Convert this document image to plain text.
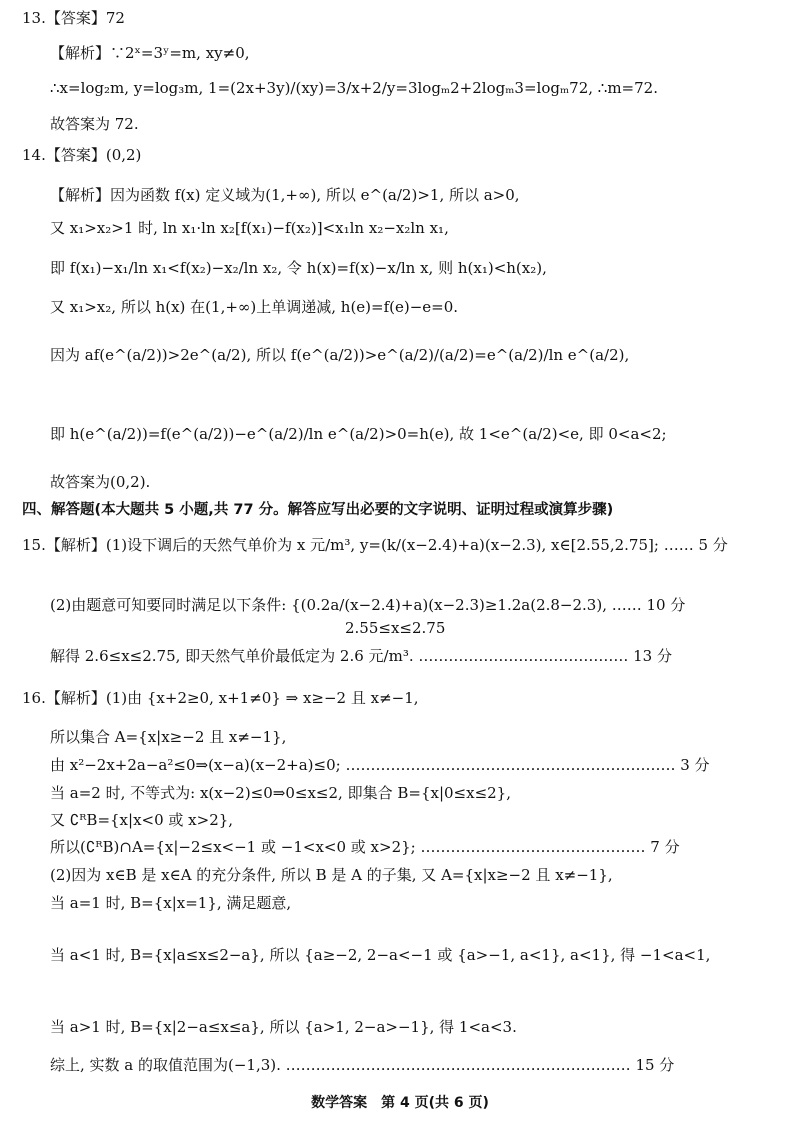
13.【答案】72
【解析】∵2ˣ=3ʸ=m, xy≠0,
∴x=log₂m, y=log₃m, 1=(2x+3y)/(xy)=3/x+2/y=3logₘ2+2logₘ3=logₘ72, ∴m=72.
故答案为 72.
14.【答案】(0,2)
【解析】因为函数 f(x) 定义域为(1,+∞), 所以 e^(a/2)>1, 所以 a>0,
又 x₁>x₂>1 时, ln x₁·ln x₂[f(x₁)−f(x₂)]<x₁ln x₂−x₂ln x₁,
即 f(x₁)−x₁/ln x₁<f(x₂)−x₂/ln x₂, 令 h(x)=f(x)−x/ln x, 则 h(x₁)<h(x₂),
又 x₁>x₂, 所以 h(x) 在(1,+∞)上单调递减, h(e)=f(e)−e=0.
因为 af(e^(a/2))>2e^(a/2), 所以 f(e^(a/2))>e^(a/2)/(a/2)=e^(a/2)/ln e^(a/2),
即 h(e^(a/2))=f(e^(a/2))−e^(a/2)/ln e^(a/2)>0=h(e), 故 1<e^(a/2)<e, 即 0<a<2;
故答案为(0,2).
四、解答题(本大题共 5 小题,共 77 分。解答应写出必要的文字说明、证明过程或演算步骤)
15.【解析】(1)设下调后的天然气单价为 x 元/m³, y=(k/(x−2.4)+a)(x−2.3), x∈[2.55,2.75]; …… 5 分
(2)由题意可知要同时满足以下条件: {(0.2a/(x−2.4)+a)(x−2.3)≥1.2a(2.8−2.3), …… 10 分
2.55≤x≤2.75
解得 2.6≤x≤2.75, 即天然气单价最低定为 2.6 元/m³. …………………………………… 13 分
16.【解析】(1)由 {x+2≥0, x+1≠0} ⇒ x≥−2 且 x≠−1,
所以集合 A={x|x≥−2 且 x≠−1},
由 x²−2x+2a−a²≤0⇒(x−a)(x−2+a)≤0; ………………………………………………………… 3 分
当 a=2 时, 不等式为: x(x−2)≤0⇒0≤x≤2, 即集合 B={x|0≤x≤2},
又 ∁ᴿB={x|x<0 或 x>2},
所以(∁ᴿB)∩A={x|−2≤x<−1 或 −1<x<0 或 x>2}; ……………………………………… 7 分
(2)因为 x∈B 是 x∈A 的充分条件, 所以 B 是 A 的子集, 又 A={x|x≥−2 且 x≠−1},
当 a=1 时, B={x|x=1}, 满足题意,
当 a<1 时, B={x|a≤x≤2−a}, 所以 {a≥−2, 2−a<−1 或 {a>−1, a<1}, a<1}, 得 −1<a<1,
当 a>1 时, B={x|2−a≤x≤a}, 所以 {a>1, 2−a>−1}, 得 1<a<3.
综上, 实数 a 的取值范围为(−1,3). …………………………………………………………… 15 分
数学答案　第 4 页(共 6 页)
